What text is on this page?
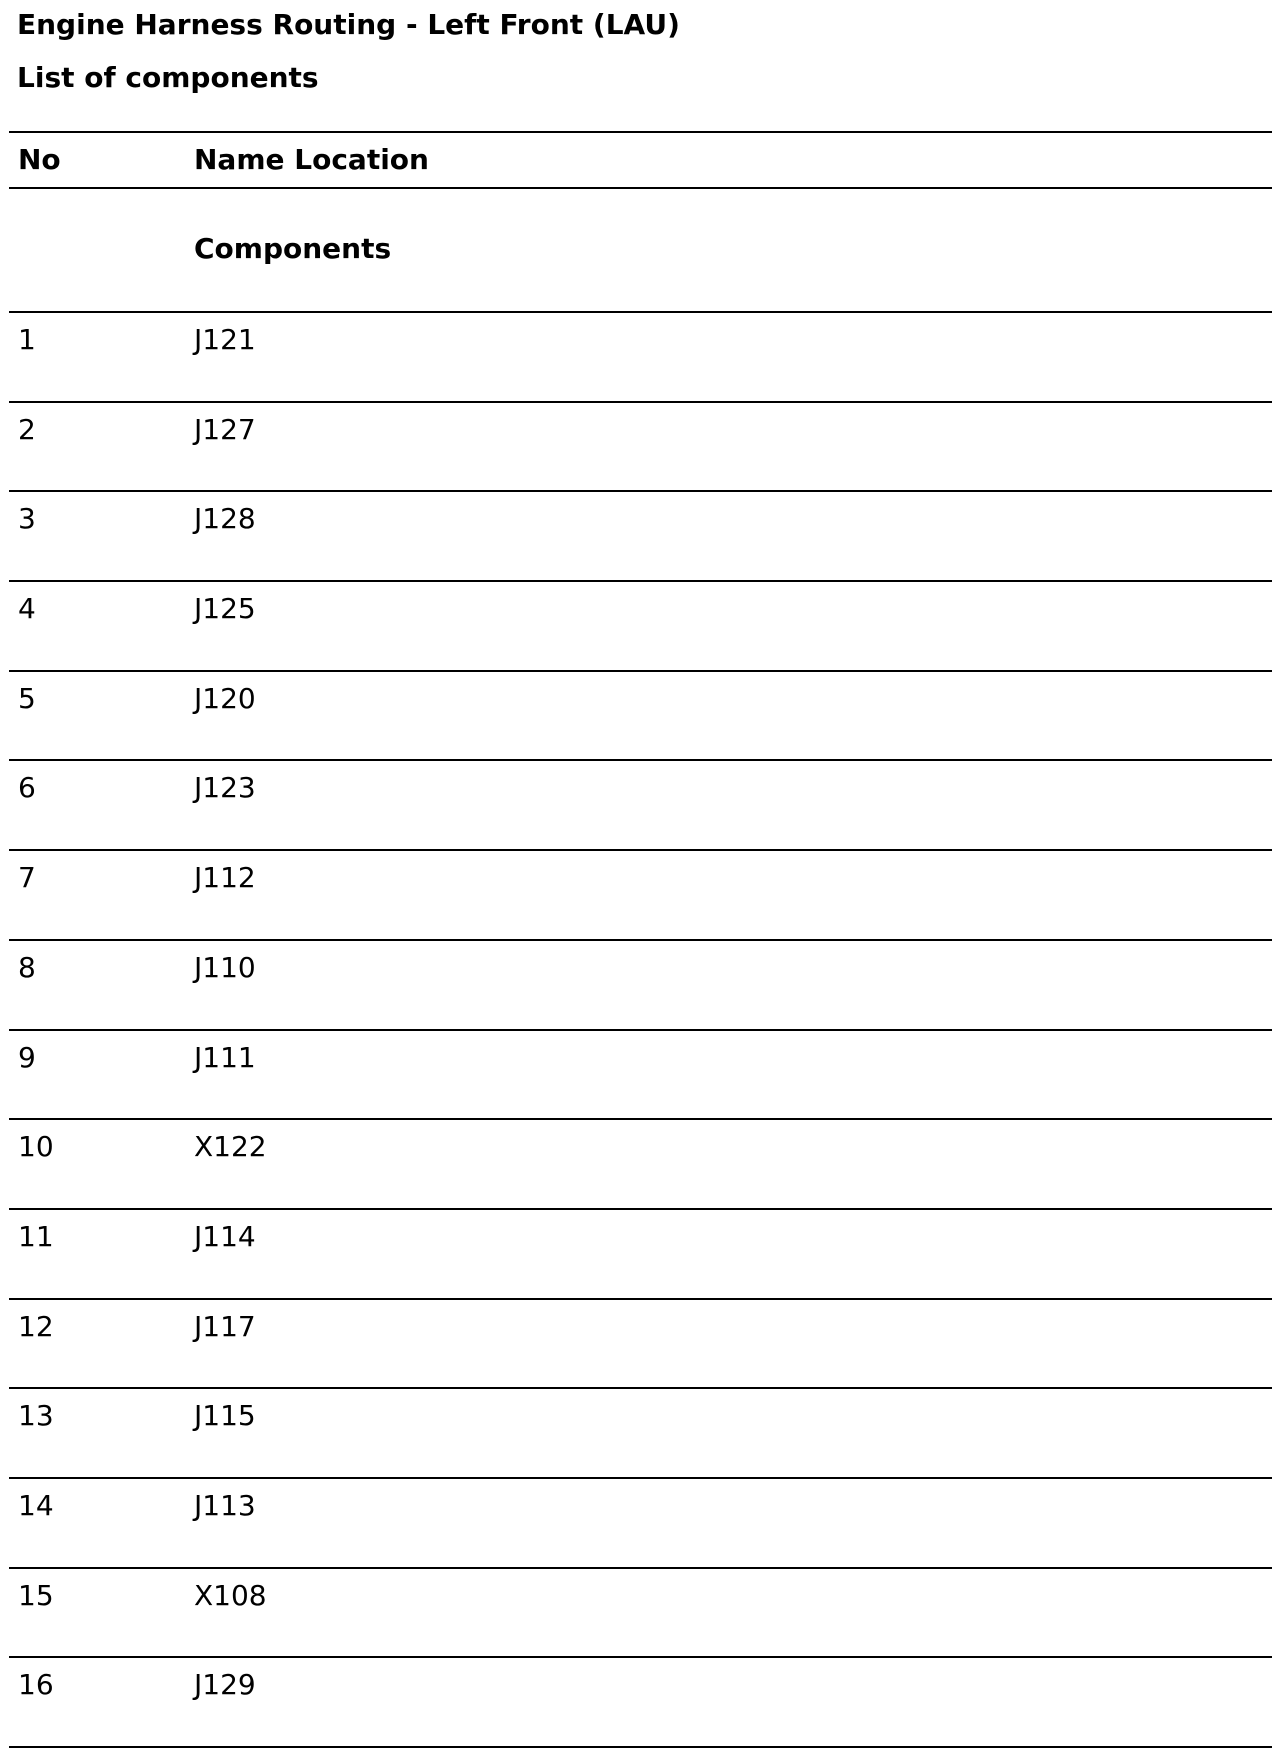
Engine Harness Routing - Left Front (LAU)
List of components
No	Name Location
Components
1	J121
2	J127
3	J128
4	J125
5	J120
6	J123
7	J112
8	J110
9	J111
10	X122
11	J114
12	J117
13	J115
14	J113
15	X108
16	J129
